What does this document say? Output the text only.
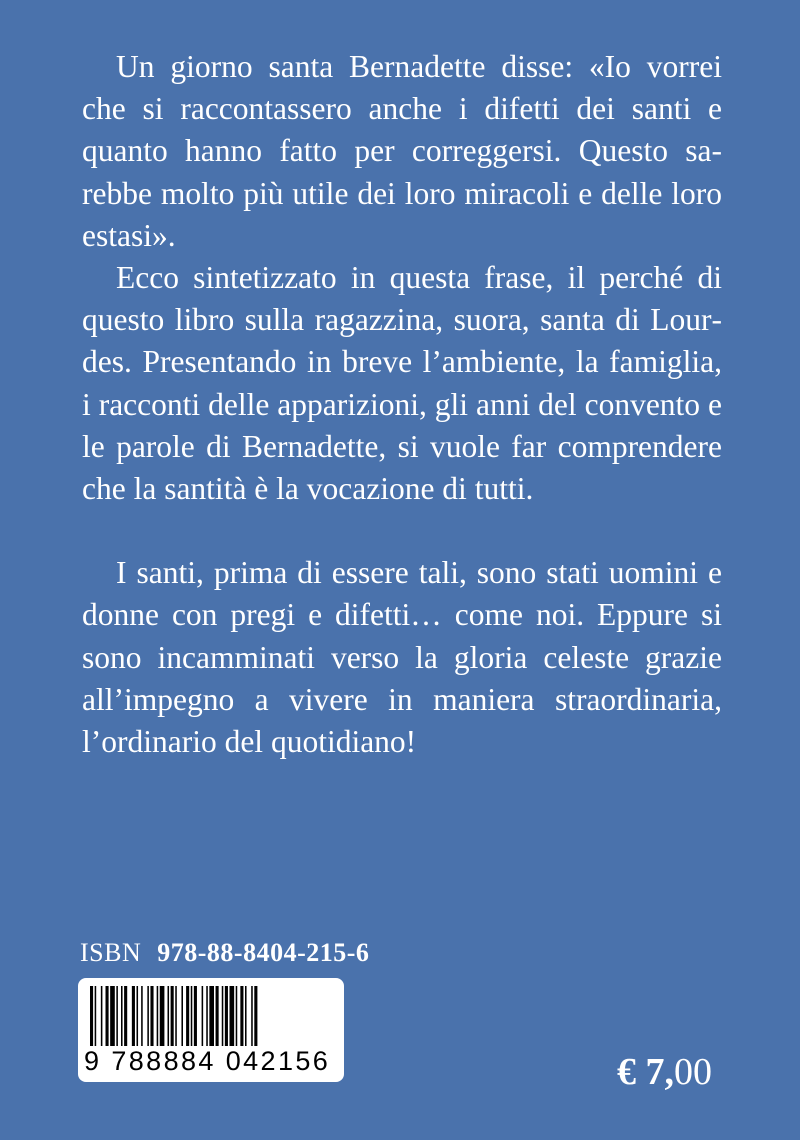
Un giorno santa Bernadette disse: «Io vorrei che si raccontassero anche i difetti dei santi e quanto hanno fatto per correggersi. Questo sarebbe molto più utile dei loro miracoli e delle loro estasi».

Ecco sintetizzato in questa frase, il perché di questo libro sulla ragazzina, suora, santa di Lourdes. Presentando in breve l’ambiente, la famiglia, i racconti delle apparizioni, gli anni del convento e le parole di Bernadette, si vuole far comprendere che la santità è la vocazione di tutti.

I santi, prima di essere tali, sono stati uomini e donne con pregi e difetti… come noi. Eppure si sono incamminati verso la gloria celeste grazie all’impegno a vivere in maniera straordinaria, l’ordinario del quotidiano!

ISBN 978-88-8404-215-6
9 788884 042156	€ 7,00
